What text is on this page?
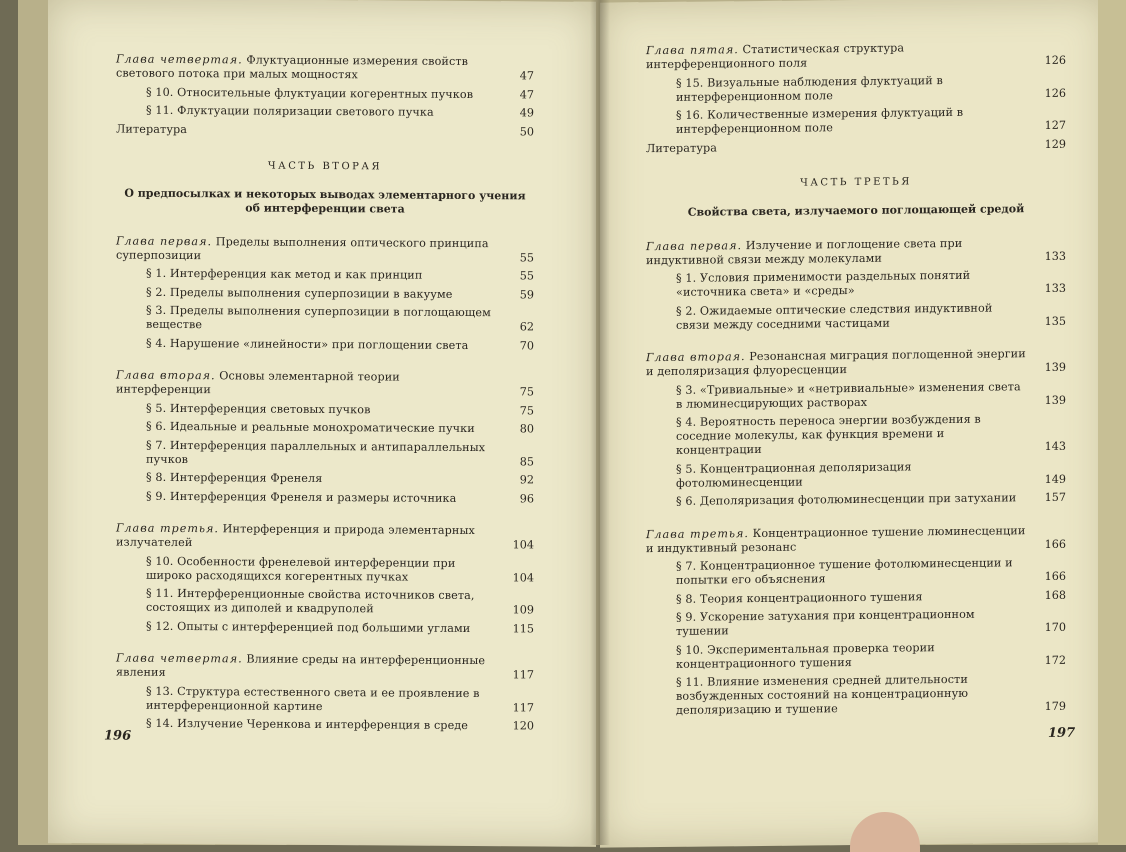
Глава четвертая. Флуктуационные измерения свойств светового потока при малых мощностях	47
§ 10. Относительные флуктуации когерентных пучков	47
§ 11. Флуктуации поляризации светового пучка	49
Литература	50
ЧАСТЬ ВТОРАЯ
О предпосылках и некоторых выводах элементарного учения об интерференции света
Глава первая. Пределы выполнения оптического принципа суперпозиции	55
§ 1. Интерференция как метод и как принцип	55
§ 2. Пределы выполнения суперпозиции в вакууме	59
§ 3. Пределы выполнения суперпозиции в поглощающем веществе	62
§ 4. Нарушение «линейности» при поглощении света	70
Глава вторая. Основы элементарной теории интерференции	75
§ 5. Интерференция световых пучков	75
§ 6. Идеальные и реальные монохроматические пучки	80
§ 7. Интерференция параллельных и антипараллельных пучков	85
§ 8. Интерференция Френеля	92
§ 9. Интерференция Френеля и размеры источника	96
Глава третья. Интерференция и природа элементарных излучателей	104
§ 10. Особенности френелевой интерференции при широко расходящихся когерентных пучках	104
§ 11. Интерференционные свойства источников света, состоящих из диполей и квадруполей	109
§ 12. Опыты с интерференцией под большими углами	115
Глава четвертая. Влияние среды на интерференционные явления	117
§ 13. Структура естественного света и ее проявление в интерференционной картине	117
§ 14. Излучение Черенкова и интерференция в среде	120
196
Глава пятая. Статистическая структура интерференционного поля	126
§ 15. Визуальные наблюдения флуктуаций в интерференционном поле	126
§ 16. Количественные измерения флуктуаций в интерференционном поле	127
Литература	129
ЧАСТЬ ТРЕТЬЯ
Свойства света, излучаемого поглощающей средой
Глава первая. Излучение и поглощение света при индуктивной связи между молекулами	133
§ 1. Условия применимости раздельных понятий «источника света» и «среды»	133
§ 2. Ожидаемые оптические следствия индуктивной связи между соседними частицами	135
Глава вторая. Резонансная миграция поглощенной энергии и деполяризация флуоресценции	139
§ 3. «Тривиальные» и «нетривиальные» изменения света в люминесцирующих растворах	139
§ 4. Вероятность переноса энергии возбуждения в соседние молекулы, как функция времени и концентрации	143
§ 5. Концентрационная деполяризация фотолюминесценции	149
§ 6. Деполяризация фотолюминесценции при затухании	157
Глава третья. Концентрационное тушение люминесценции и индуктивный резонанс	166
§ 7. Концентрационное тушение фотолюминесценции и попытки его объяснения	166
§ 8. Теория концентрационного тушения	168
§ 9. Ускорение затухания при концентрационном тушении	170
§ 10. Экспериментальная проверка теории концентрационного тушения	172
§ 11. Влияние изменения средней длительности возбужденных состояний на концентрационную деполяризацию и тушение	179
197
